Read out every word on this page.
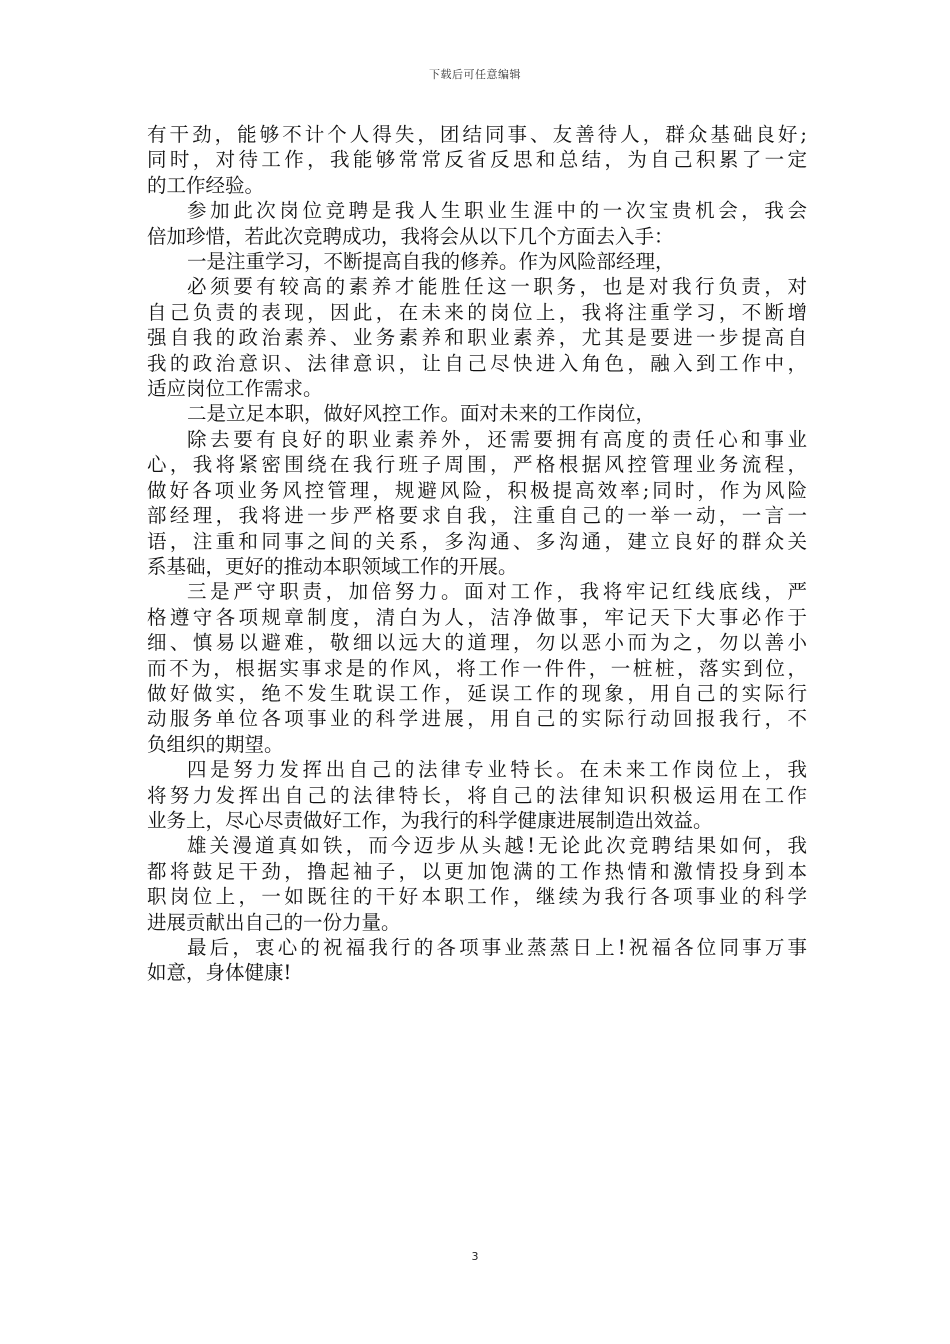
下载后可任意编辑
有干劲，能够不计个人得失，团结同事、友善待人，群众基础良好;
同时，对待工作，我能够常常反省反思和总结，为自己积累了一定
的工作经验。
参加此次岗位竞聘是我人生职业生涯中的一次宝贵机会，我会
倍加珍惜，若此次竞聘成功，我将会从以下几个方面去入手：
一是注重学习，不断提高自我的修养。作为风险部经理，
必须要有较高的素养才能胜任这一职务，也是对我行负责，对
自己负责的表现，因此，在未来的岗位上，我将注重学习，不断增
强自我的政治素养、业务素养和职业素养，尤其是要进一步提高自
我的政治意识、法律意识，让自己尽快进入角色，融入到工作中，
适应岗位工作需求。
二是立足本职，做好风控工作。面对未来的工作岗位，
除去要有良好的职业素养外，还需要拥有高度的责任心和事业
心，我将紧密围绕在我行班子周围，严格根据风控管理业务流程，
做好各项业务风控管理，规避风险，积极提高效率;同时，作为风险
部经理，我将进一步严格要求自我，注重自己的一举一动，一言一
语，注重和同事之间的关系，多沟通、多沟通，建立良好的群众关
系基础，更好的推动本职领域工作的开展。
三是严守职责，加倍努力。面对工作，我将牢记红线底线，严
格遵守各项规章制度，清白为人，洁净做事，牢记天下大事必作于
细、慎易以避难，敬细以远大的道理，勿以恶小而为之，勿以善小
而不为，根据实事求是的作风，将工作一件件，一桩桩，落实到位，
做好做实，绝不发生耽误工作，延误工作的现象，用自己的实际行
动服务单位各项事业的科学进展，用自己的实际行动回报我行，不
负组织的期望。
四是努力发挥出自己的法律专业特长。在未来工作岗位上，我
将努力发挥出自己的法律特长，将自己的法律知识积极运用在工作
业务上，尽心尽责做好工作，为我行的科学健康进展制造出效益。
雄关漫道真如铁，而今迈步从头越!无论此次竞聘结果如何，我
都将鼓足干劲，撸起袖子，以更加饱满的工作热情和激情投身到本
职岗位上，一如既往的干好本职工作，继续为我行各项事业的科学
进展贡献出自己的一份力量。
最后，衷心的祝福我行的各项事业蒸蒸日上!祝福各位同事万事
如意，身体健康!
3
